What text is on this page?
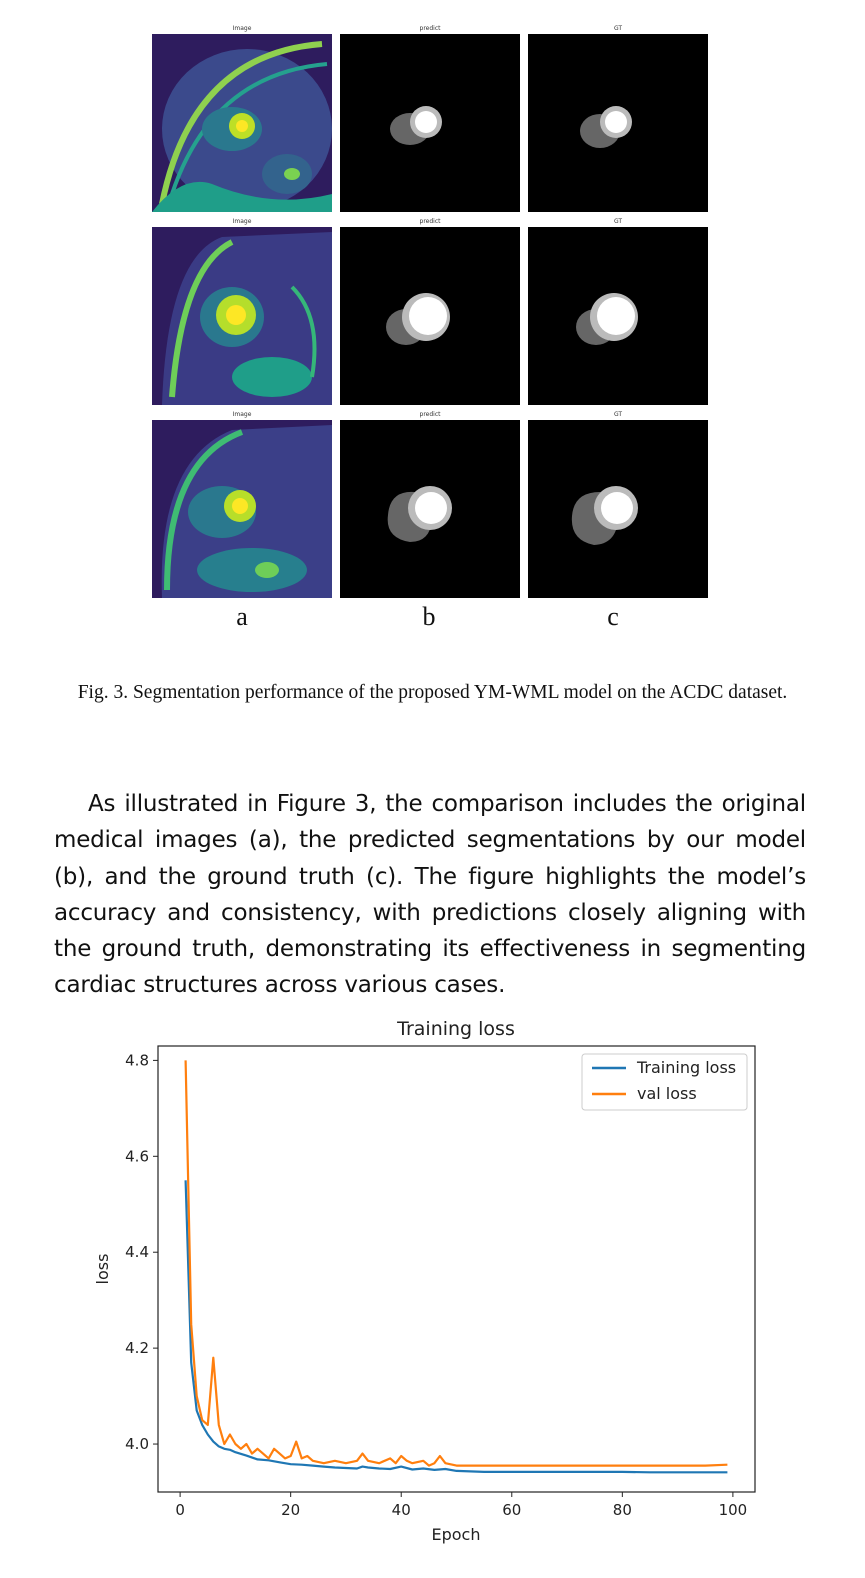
Image	predict	GT
Image	predict	GT
Image	predict	GT
a	b	c
Fig. 3. Segmentation performance of the proposed YM-WML model on the ACDC dataset.

As illustrated in Figure 3, the comparison includes the original medical images (a), the predicted segmentations by our model (b), and the ground truth (c). The figure highlights the model’s accuracy and consistency, with predictions closely aligning with the ground truth, demonstrating its effectiveness in segmenting cardiac structures across various cases.

Training loss
4.0
4.2
4.4
4.6
4.8
0	20	40	60	80	100
Epoch
loss
Training loss
val loss
